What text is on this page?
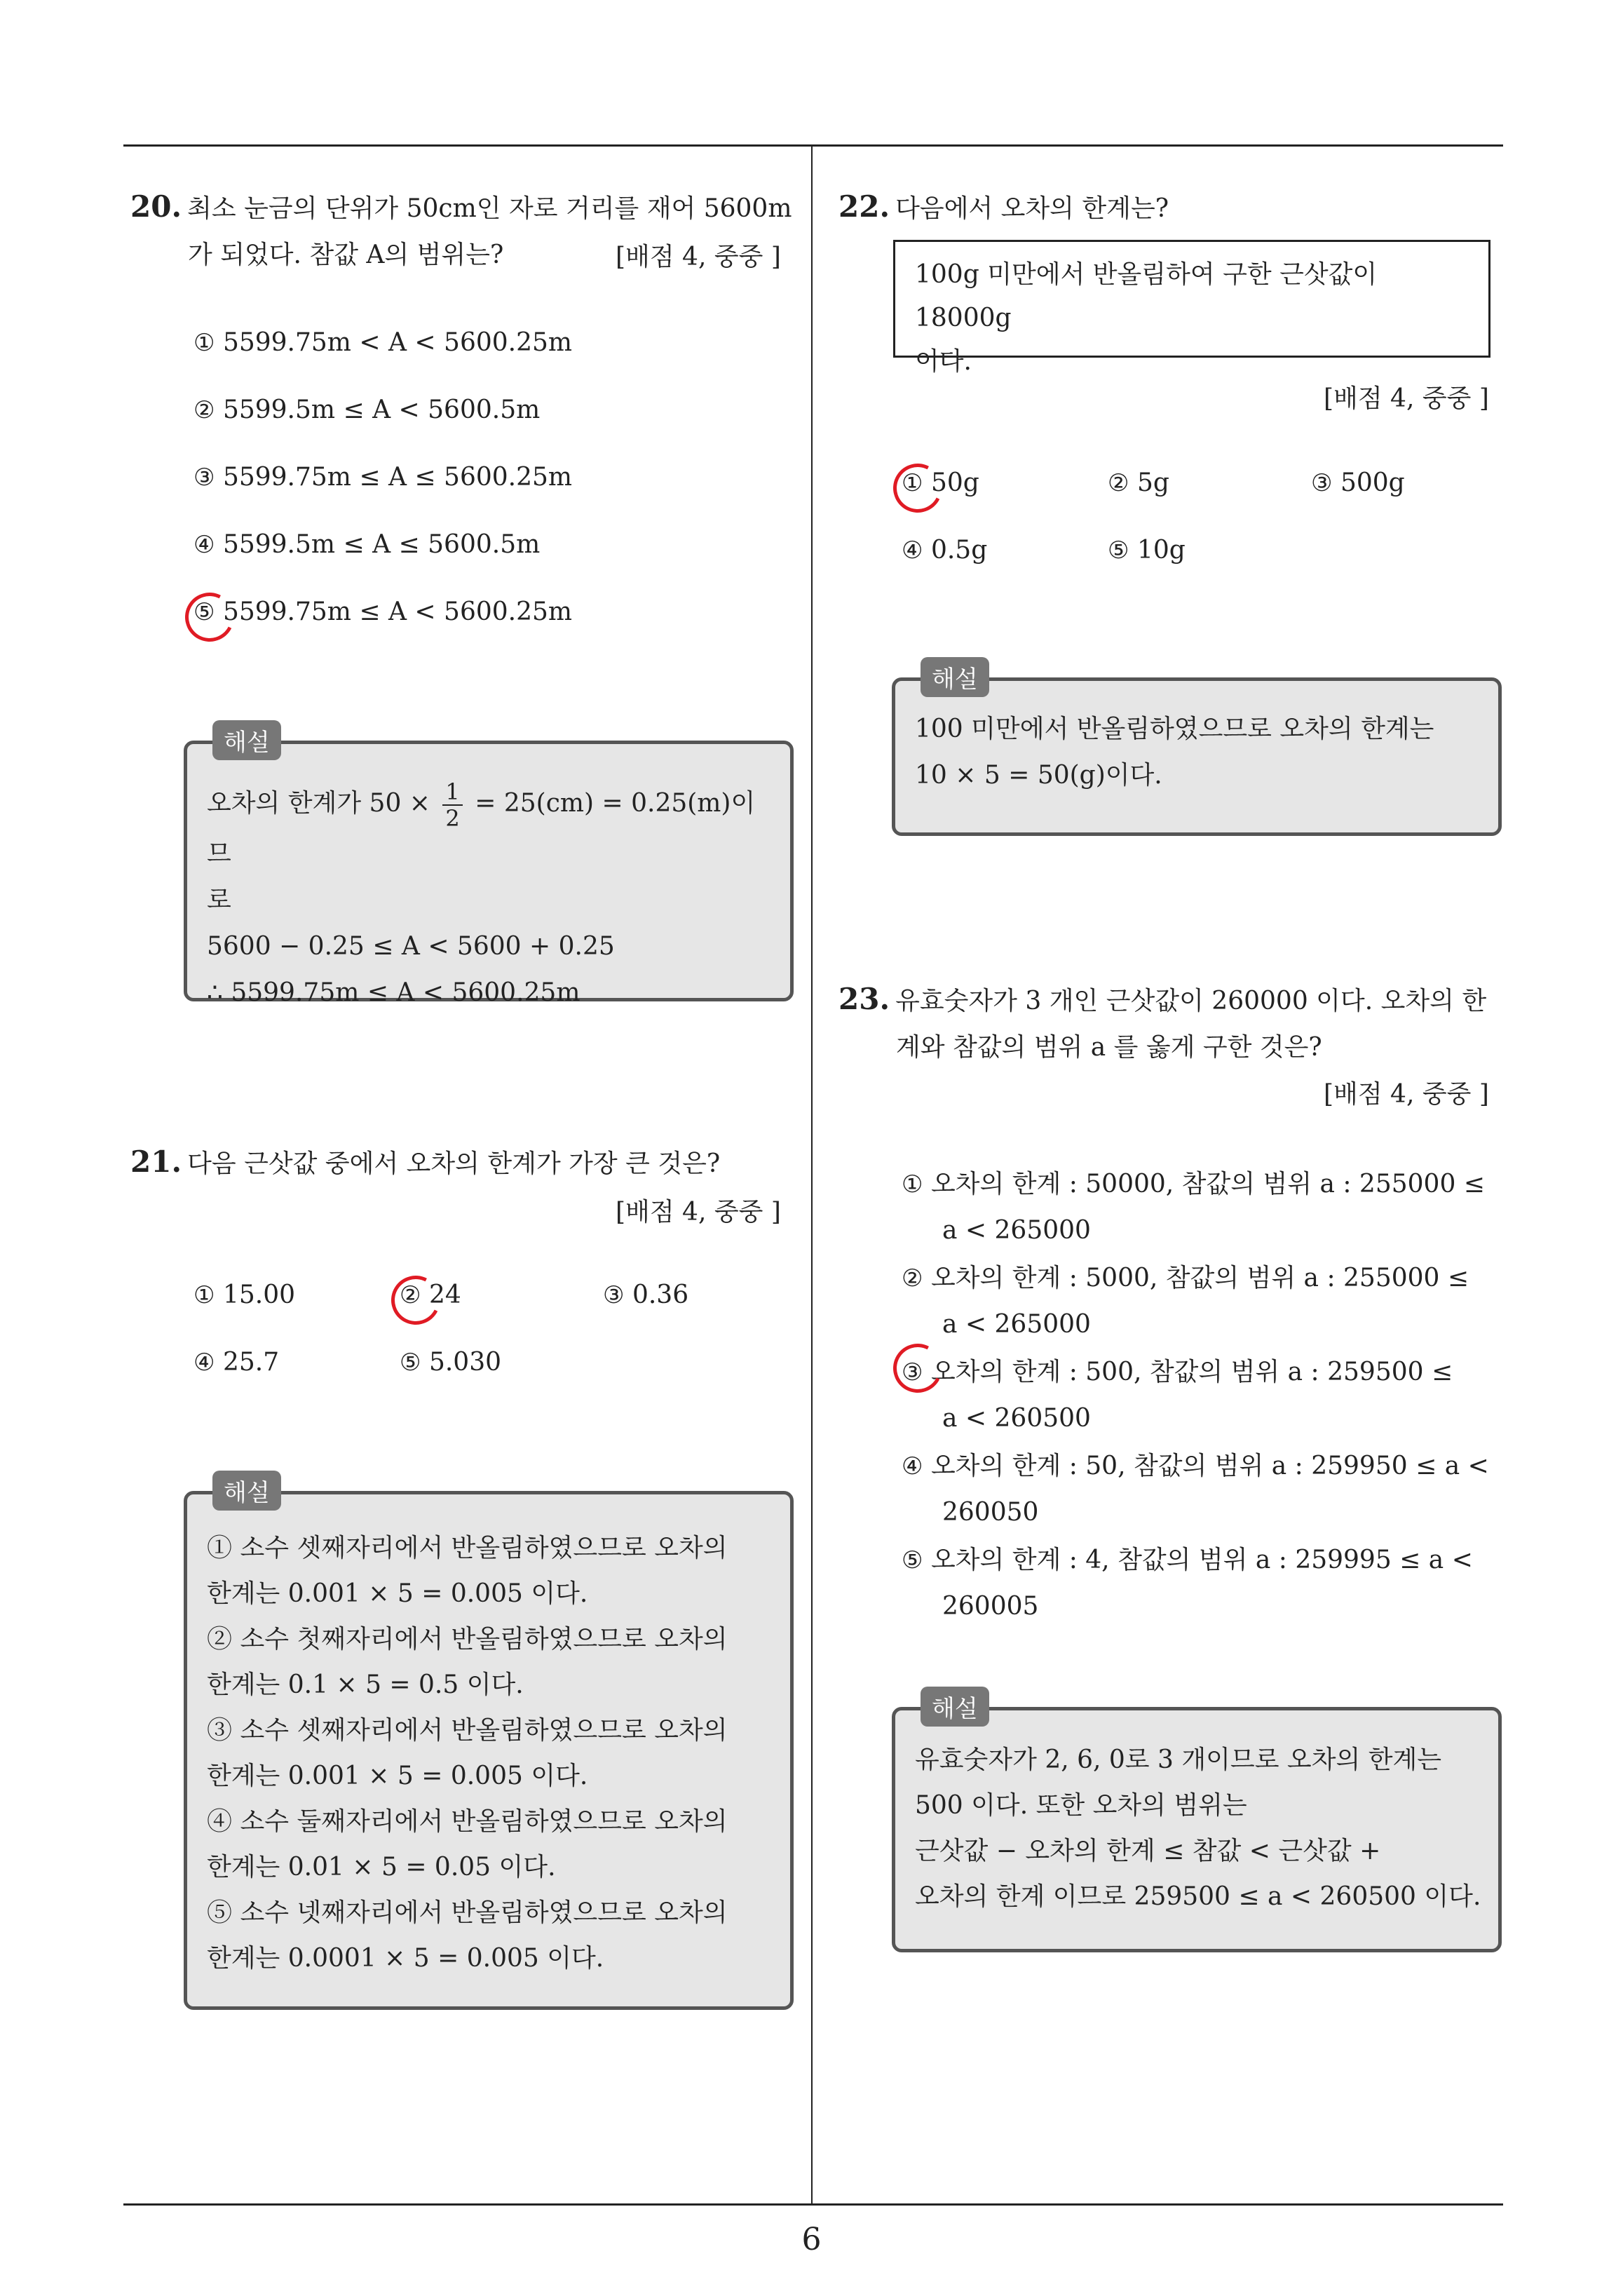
20. 최소 눈금의 단위가 50cm인 자로 거리를 재어 5600m
가 되었다. 참값 A의 범위는?	[배점 4, 중중 ]
① 5599.75m < A < 5600.25m
② 5599.5m ≤ A < 5600.5m
③ 5599.75m ≤ A ≤ 5600.25m
④ 5599.5m ≤ A ≤ 5600.5m
⑤ 5599.75m ≤ A < 5600.25m
해설
오차의 한계가 $50 \times \frac{1}{2} = 25(cm) = 0.25(m)$이므
로
5600 − 0.25 ≤ A < 5600 + 0.25
∴ 5599.75m ≤ A < 5600.25m
21. 다음 근삿값 중에서 오차의 한계가 가장 큰 것은?
[배점 4, 중중 ]
① 15.00	② 24	③ 0.36
④ 25.7	⑤ 5.030
해설
① 소수 셋째자리에서 반올림하였으므로 오차의
한계는 0.001 × 5 = 0.005 이다.
② 소수 첫째자리에서 반올림하였으므로 오차의
한계는 0.1 × 5 = 0.5 이다.
③ 소수 셋째자리에서 반올림하였으므로 오차의
한계는 0.001 × 5 = 0.005 이다.
④ 소수 둘째자리에서 반올림하였으므로 오차의
한계는 0.01 × 5 = 0.05 이다.
⑤ 소수 넷째자리에서 반올림하였으므로 오차의
한계는 0.0001 × 5 = 0.005 이다.
22. 다음에서 오차의 한계는?
100g 미만에서 반올림하여 구한 근삿값이 18000g
이다.
[배점 4, 중중 ]
① 50g	② 5g	③ 500g
④ 0.5g	⑤ 10g
해설
100 미만에서 반올림하였으므로 오차의 한계는
10 × 5 = 50(g)이다.
23. 유효숫자가 3 개인 근삿값이 260000 이다. 오차의 한
계와 참값의 범위 a 를 옳게 구한 것은?
[배점 4, 중중 ]
① 오차의 한계 : 50000, 참값의 범위 a : 255000 ≤
a < 265000
② 오차의 한계 : 5000, 참값의 범위 a : 255000 ≤
a < 265000
③ 오차의 한계 : 500, 참값의 범위 a : 259500 ≤
a < 260500
④ 오차의 한계 : 50, 참값의 범위 a : 259950 ≤ a <
260050
⑤ 오차의 한계 : 4, 참값의 범위 a : 259995 ≤ a <
260005
해설
유효숫자가 2, 6, 0로 3 개이므로 오차의 한계는
500 이다. 또한 오차의 범위는
근삿값 − 오차의 한계 ≤ 참값 < 근삿값 +
오차의 한계 이므로 259500 ≤ a < 260500 이다.
6
